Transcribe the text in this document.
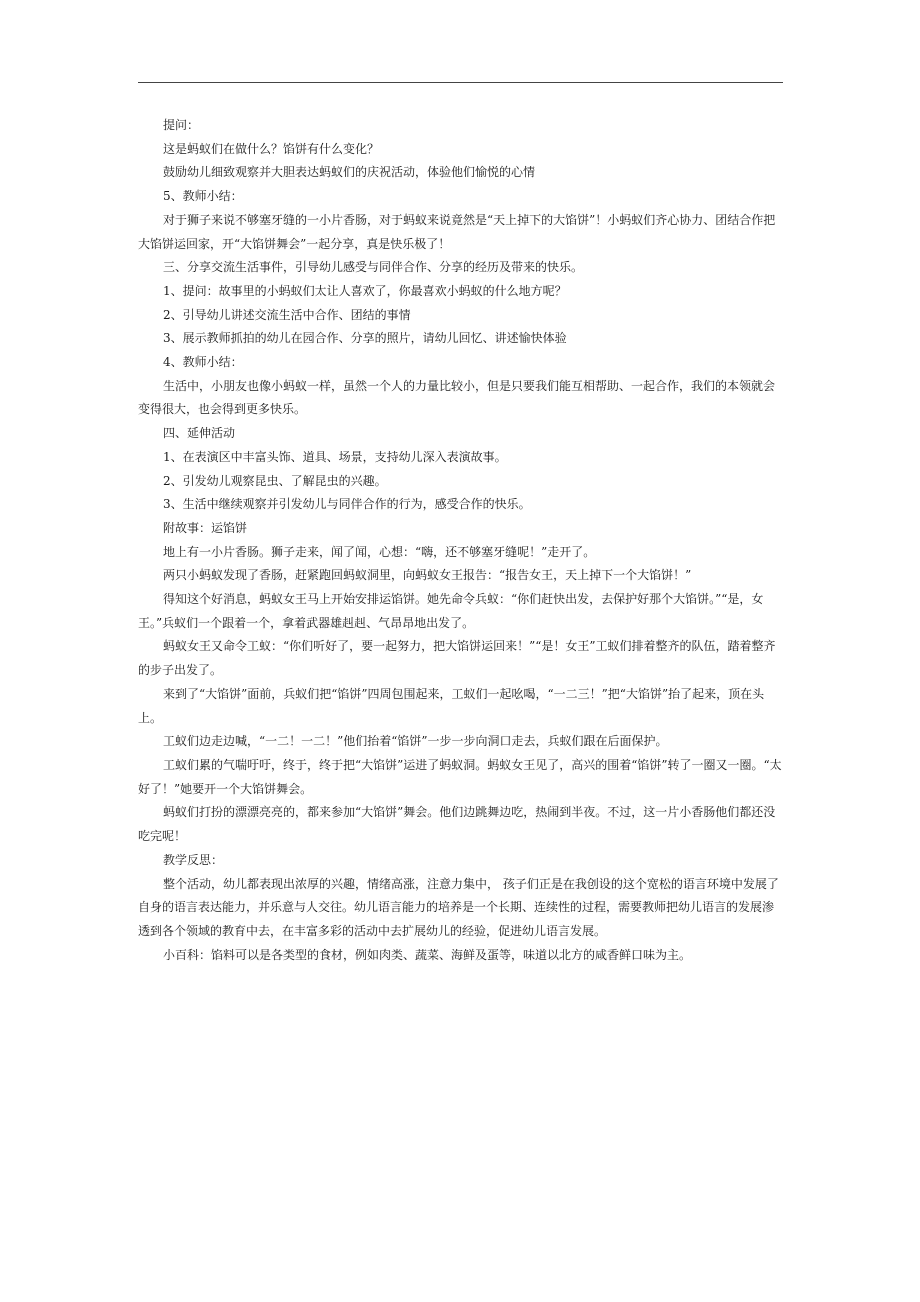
提问：

这是蚂蚁们在做什么？馅饼有什么变化？

鼓励幼儿细致观察并大胆表达蚂蚁们的庆祝活动，体验他们愉悦的心情

5、教师小结：

对于狮子来说不够塞牙缝的一小片香肠，对于蚂蚁来说竟然是“天上掉下的大馅饼”！小蚂蚁们齐心协力、团结合作把大馅饼运回家，开“大馅饼舞会”一起分享，真是快乐极了！

三、分享交流生活事件，引导幼儿感受与同伴合作、分享的经历及带来的快乐。

1、提问：故事里的小蚂蚁们太让人喜欢了，你最喜欢小蚂蚁的什么地方呢？

2、引导幼儿讲述交流生活中合作、团结的事情

3、展示教师抓拍的幼儿在园合作、分享的照片，请幼儿回忆、讲述愉快体验

4、教师小结：

生活中，小朋友也像小蚂蚁一样，虽然一个人的力量比较小，但是只要我们能互相帮助、一起合作，我们的本领就会变得很大，也会得到更多快乐。

四、延伸活动

1、在表演区中丰富头饰、道具、场景，支持幼儿深入表演故事。

2、引发幼儿观察昆虫、了解昆虫的兴趣。

3、生活中继续观察并引发幼儿与同伴合作的行为，感受合作的快乐。

附故事：运馅饼

地上有一小片香肠。狮子走来，闻了闻，心想：“嗨，还不够塞牙缝呢！”走开了。

两只小蚂蚁发现了香肠，赶紧跑回蚂蚁洞里，向蚂蚁女王报告：“报告女王，天上掉下一个大馅饼！”

得知这个好消息，蚂蚁女王马上开始安排运馅饼。她先命令兵蚁：“你们赶快出发，去保护好那个大馅饼。”“是，女王。”兵蚁们一个跟着一个，拿着武器雄赳赳、气昂昂地出发了。

蚂蚁女王又命令工蚁：“你们听好了，要一起努力，把大馅饼运回来！”“是！女王”工蚁们排着整齐的队伍，踏着整齐的步子出发了。

来到了“大馅饼”面前，兵蚁们把“馅饼”四周包围起来，工蚁们一起吆喝，“一二三！”把“大馅饼”抬了起来，顶在头上。

工蚁们边走边喊，“一二！一二！”他们抬着“馅饼”一步一步向洞口走去，兵蚁们跟在后面保护。

工蚁们累的气喘吁吁，终于，终于把“大馅饼”运进了蚂蚁洞。蚂蚁女王见了，高兴的围着“馅饼”转了一圈又一圈。“太好了！”她要开一个大馅饼舞会。

蚂蚁们打扮的漂漂亮亮的，都来参加“大馅饼”舞会。他们边跳舞边吃，热闹到半夜。不过，这一片小香肠他们都还没吃完呢！

教学反思：

整个活动，幼儿都表现出浓厚的兴趣，情绪高涨，注意力集中， 孩子们正是在我创设的这个宽松的语言环境中发展了自身的语言表达能力，并乐意与人交往。幼儿语言能力的培养是一个长期、连续性的过程，需要教师把幼儿语言的发展渗透到各个领域的教育中去，在丰富多彩的活动中去扩展幼儿的经验，促进幼儿语言发展。

小百科：馅料可以是各类型的食材，例如肉类、蔬菜、海鲜及蛋等，味道以北方的咸香鲜口味为主。
